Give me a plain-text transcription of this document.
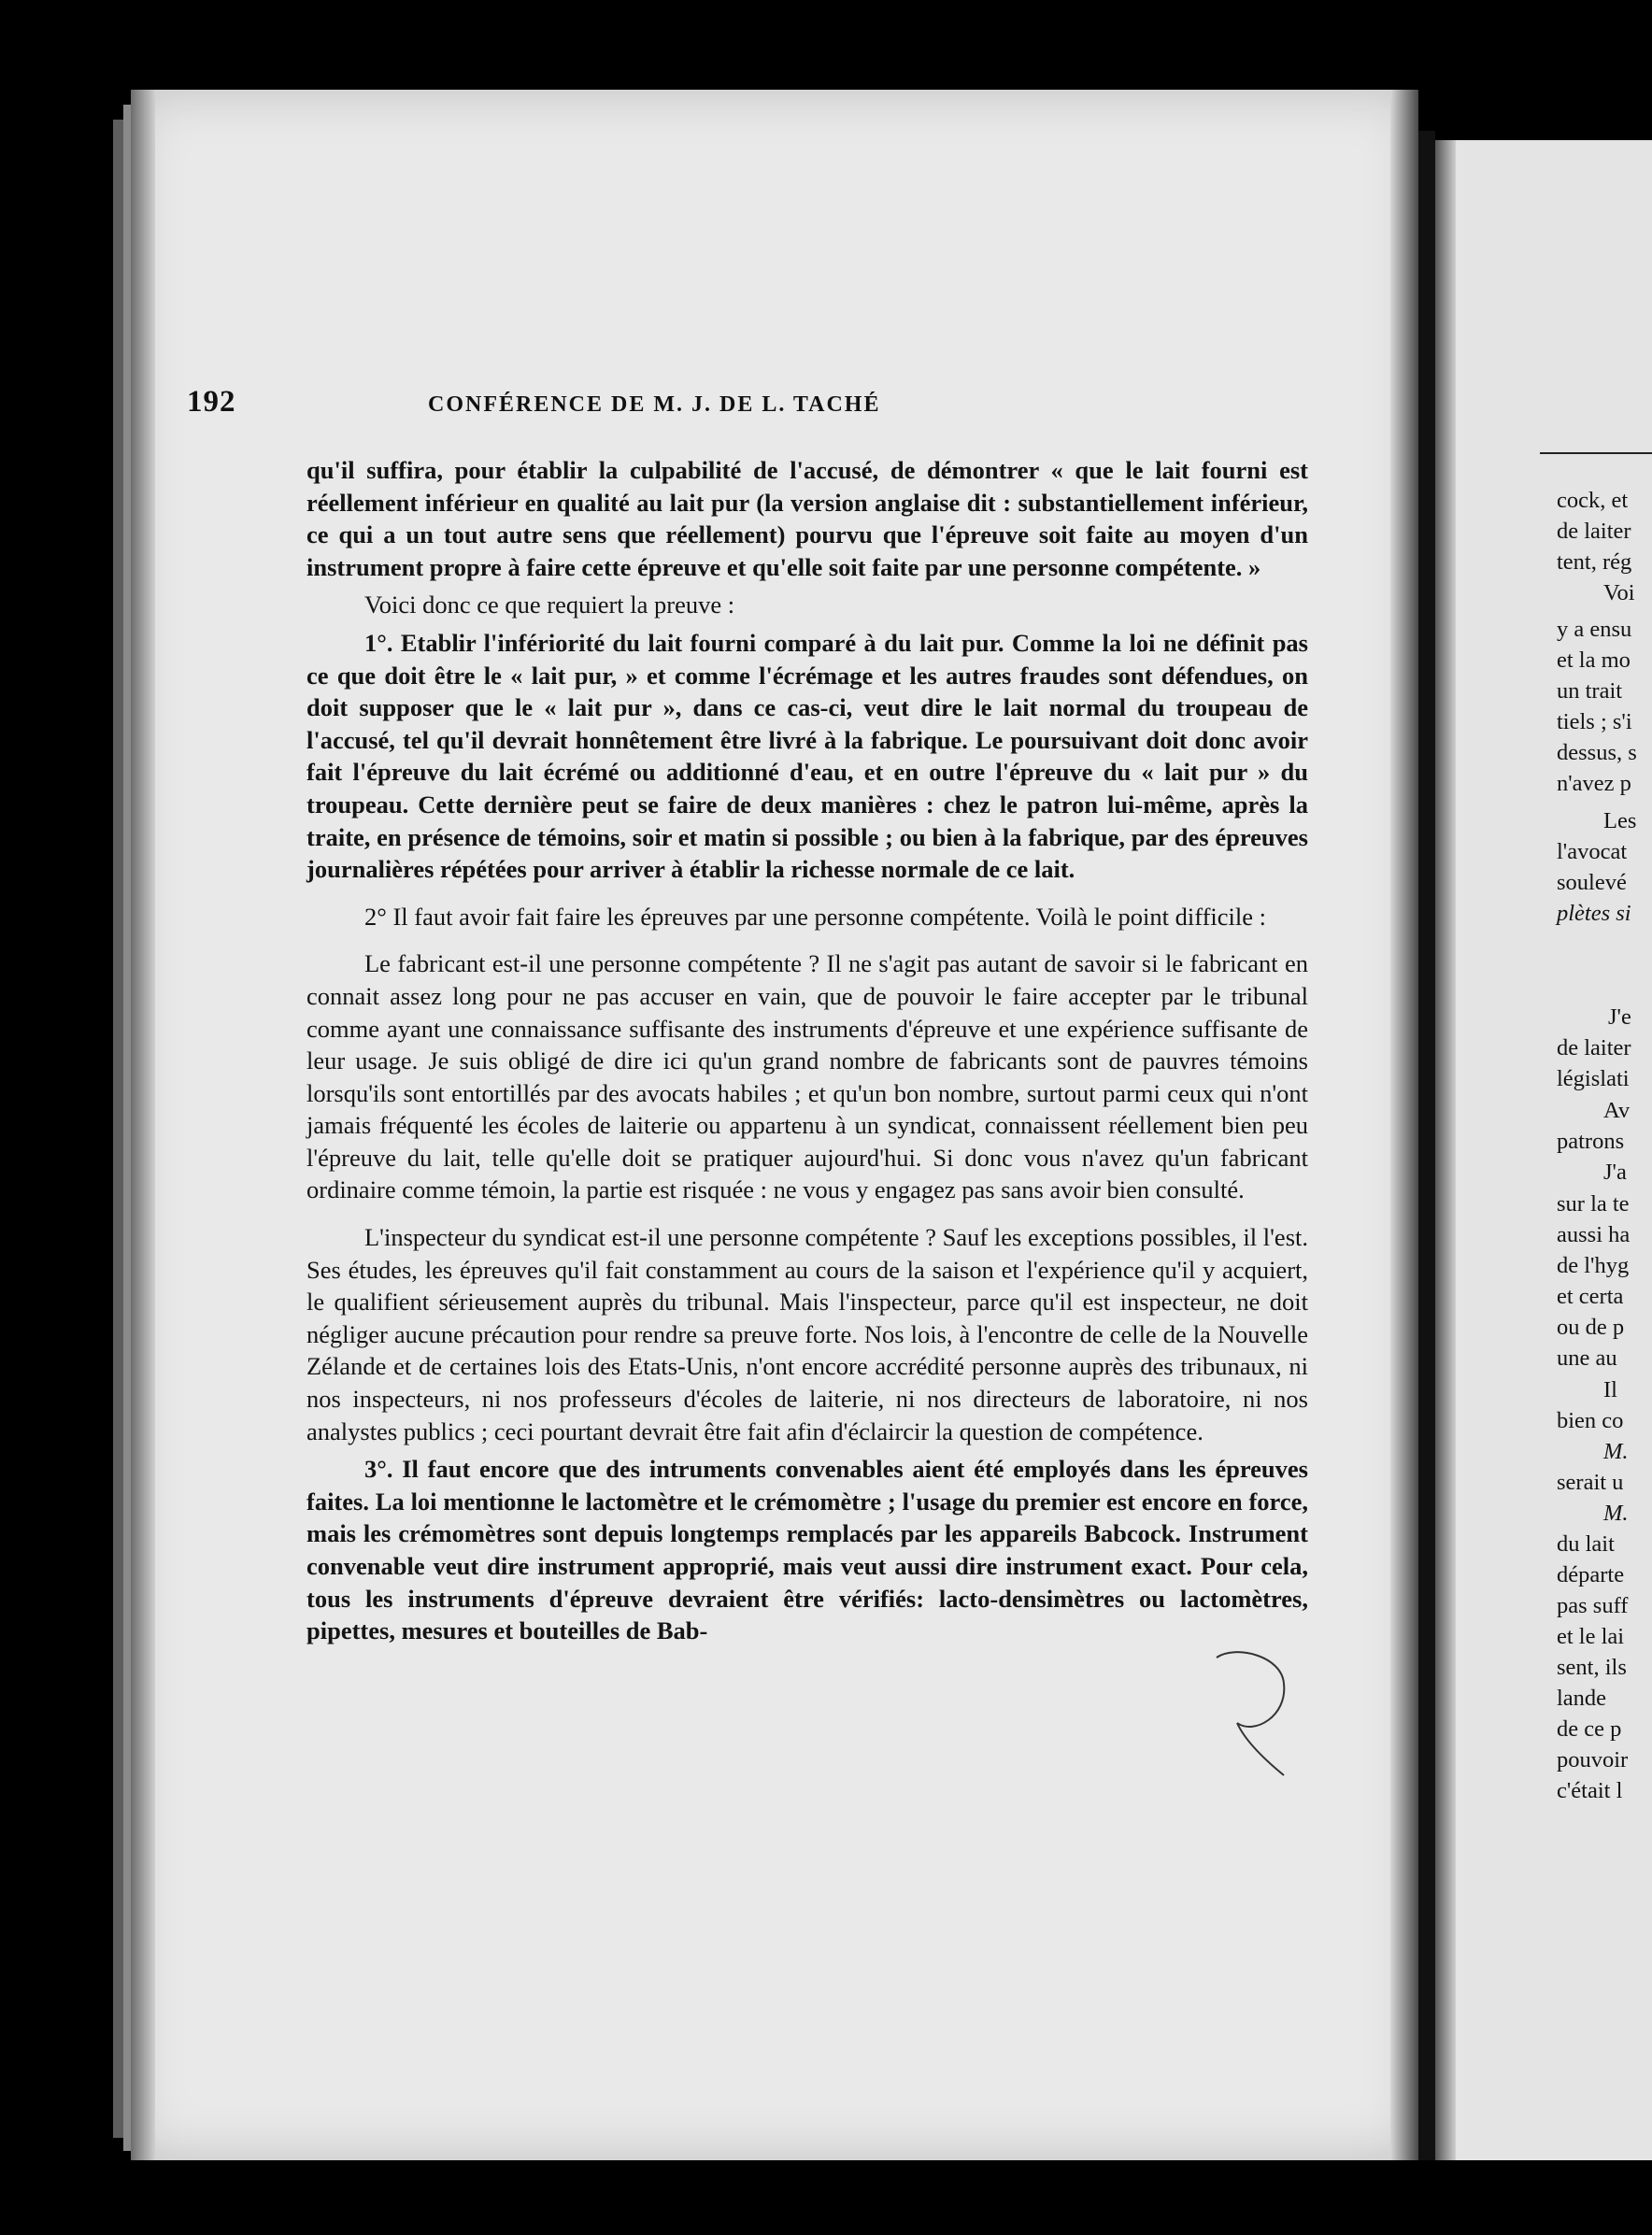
192	CONFÉRENCE DE M. J. DE L. TACHÉ

qu'il suffira, pour établir la culpabilité de l'accusé, de démontrer « que le lait fourni est réellement inférieur en qualité au lait pur (la version anglaise dit : substantiellement inférieur, ce qui a un tout autre sens que réellement) pourvu que l'épreuve soit faite au moyen d'un instrument propre à faire cette épreuve et qu'elle soit faite par une personne compétente. »

Voici donc ce que requiert la preuve :

1°. Etablir l'infériorité du lait fourni comparé à du lait pur. Comme la loi ne définit pas ce que doit être le « lait pur, » et comme l'écrémage et les autres fraudes sont défendues, on doit supposer que le « lait pur », dans ce cas-ci, veut dire le lait normal du troupeau de l'accusé, tel qu'il devrait honnêtement être livré à la fabrique. Le poursuivant doit donc avoir fait l'épreuve du lait écrémé ou additionné d'eau, et en outre l'épreuve du « lait pur » du troupeau. Cette dernière peut se faire de deux manières : chez le patron lui-même, après la traite, en présence de témoins, soir et matin si possible ; ou bien à la fabrique, par des épreuves journalières répétées pour arriver à établir la richesse normale de ce lait.

2° Il faut avoir fait faire les épreuves par une personne compétente. Voilà le point difficile :

Le fabricant est-il une personne compétente ? Il ne s'agit pas autant de savoir si le fabricant en connait assez long pour ne pas accuser en vain, que de pouvoir le faire accepter par le tribunal comme ayant une connaissance suffisante des instruments d'épreuve et une expérience suffisante de leur usage. Je suis obligé de dire ici qu'un grand nombre de fabricants sont de pauvres témoins lorsqu'ils sont entortillés par des avocats habiles ; et qu'un bon nombre, surtout parmi ceux qui n'ont jamais fréquenté les écoles de laiterie ou appartenu à un syndicat, connaissent réellement bien peu l'épreuve du lait, telle qu'elle doit se pratiquer aujourd'hui. Si donc vous n'avez qu'un fabricant ordinaire comme témoin, la partie est risquée : ne vous y engagez pas sans avoir bien consulté.

L'inspecteur du syndicat est-il une personne compétente ? Sauf les exceptions possibles, il l'est. Ses études, les épreuves qu'il fait constamment au cours de la saison et l'expérience qu'il y acquiert, le qualifient sérieusement auprès du tribunal. Mais l'inspecteur, parce qu'il est inspecteur, ne doit négliger aucune précaution pour rendre sa preuve forte. Nos lois, à l'encontre de celle de la Nouvelle Zélande et de certaines lois des Etats-Unis, n'ont encore accrédité personne auprès des tribunaux, ni nos inspecteurs, ni nos professeurs d'écoles de laiterie, ni nos directeurs de laboratoire, ni nos analystes publics ; ceci pourtant devrait être fait afin d'éclaircir la question de compétence.

3°. Il faut encore que des intruments convenables aient été employés dans les épreuves faites. La loi mentionne le lactomètre et le crémomètre ; l'usage du premier est encore en force, mais les crémomètres sont depuis longtemps remplacés par les appareils Babcock. Instrument convenable veut dire instrument approprié, mais veut aussi dire instrument exact. Pour cela, tous les instruments d'épreuve devraient être vérifiés: lacto-densimètres ou lactomètres, pipettes, mesures et bouteilles de Bab-

cock, et
de laiter
tent, rég
Voi
y a ensu
et la mo
un trait
tiels ; s'i
dessus, s
n'avez p
Les
l'avocat
soulevé
plètes si
J'e
de laiter
législati
Av
patrons
J'a
sur la te
aussi ha
de l'hyg
et certa
ou de p
une au
Il
bien co
M.
serait u
M.
du lait
départe
pas suff
et le lai
sent, ils
lande
de ce p
pouvoir
c'était l
